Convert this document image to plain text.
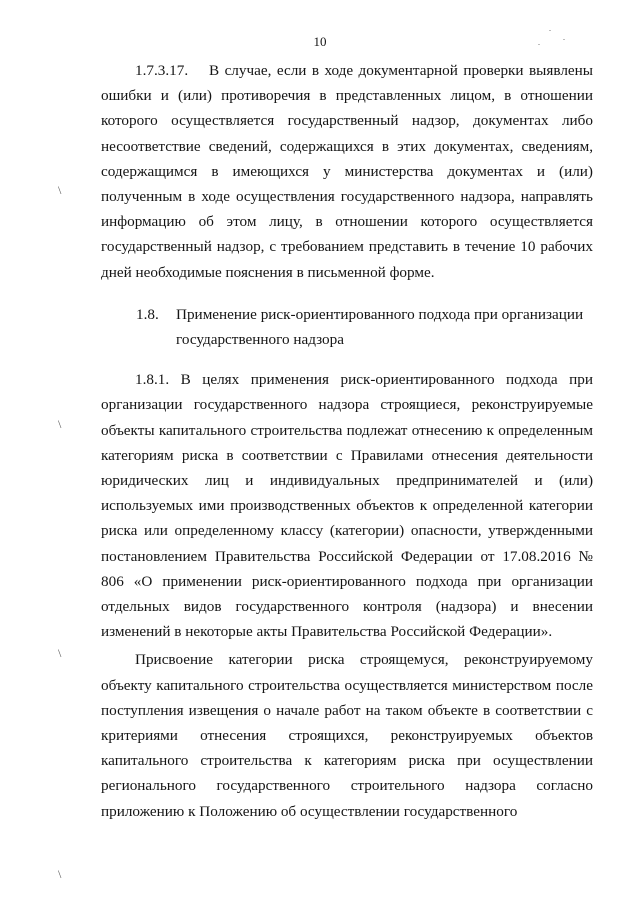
10
\
\
\
\

1.7.3.17. В случае, если в ходе документарной проверки выявлены ошибки и (или) противоречия в представленных лицом, в отношении которого осуществляется государственный надзор, документах либо несоответствие сведений, содержащихся в этих документах, сведениям, содержащимся в имеющихся у министерства документах и (или) полученным в ходе осуществления государственного надзора, направлять информацию об этом лицу, в отношении которого осуществляется государственный надзор, с требованием представить в течение 10 рабочих дней необходимые пояснения в письменной форме.

1.8. Применение риск-ориентированного подхода при организации государственного надзора

1.8.1. В целях применения риск-ориентированного подхода при организации государственного надзора строящиеся, реконструируемые объекты капитального строительства подлежат отнесению к определенным категориям риска в соответствии с Правилами отнесения деятельности юридических лиц и индивидуальных предпринимателей и (или) используемых ими производственных объектов к определенной категории риска или определенному классу (категории) опасности, утвержденными постановлением Правительства Российской Федерации от 17.08.2016 № 806 «О применении риск-ориентированного подхода при организации отдельных видов государственного контроля (надзора) и внесении изменений в некоторые акты Правительства Российской Федерации».

Присвоение категории риска строящемуся, реконструируемому объекту капитального строительства осуществляется министерством после поступления извещения о начале работ на таком объекте в соответствии с критериями отнесения строящихся, реконструируемых объектов капитального строительства к категориям риска при осуществлении регионального государственного строительного надзора согласно приложению к Положению об осуществлении государственного
